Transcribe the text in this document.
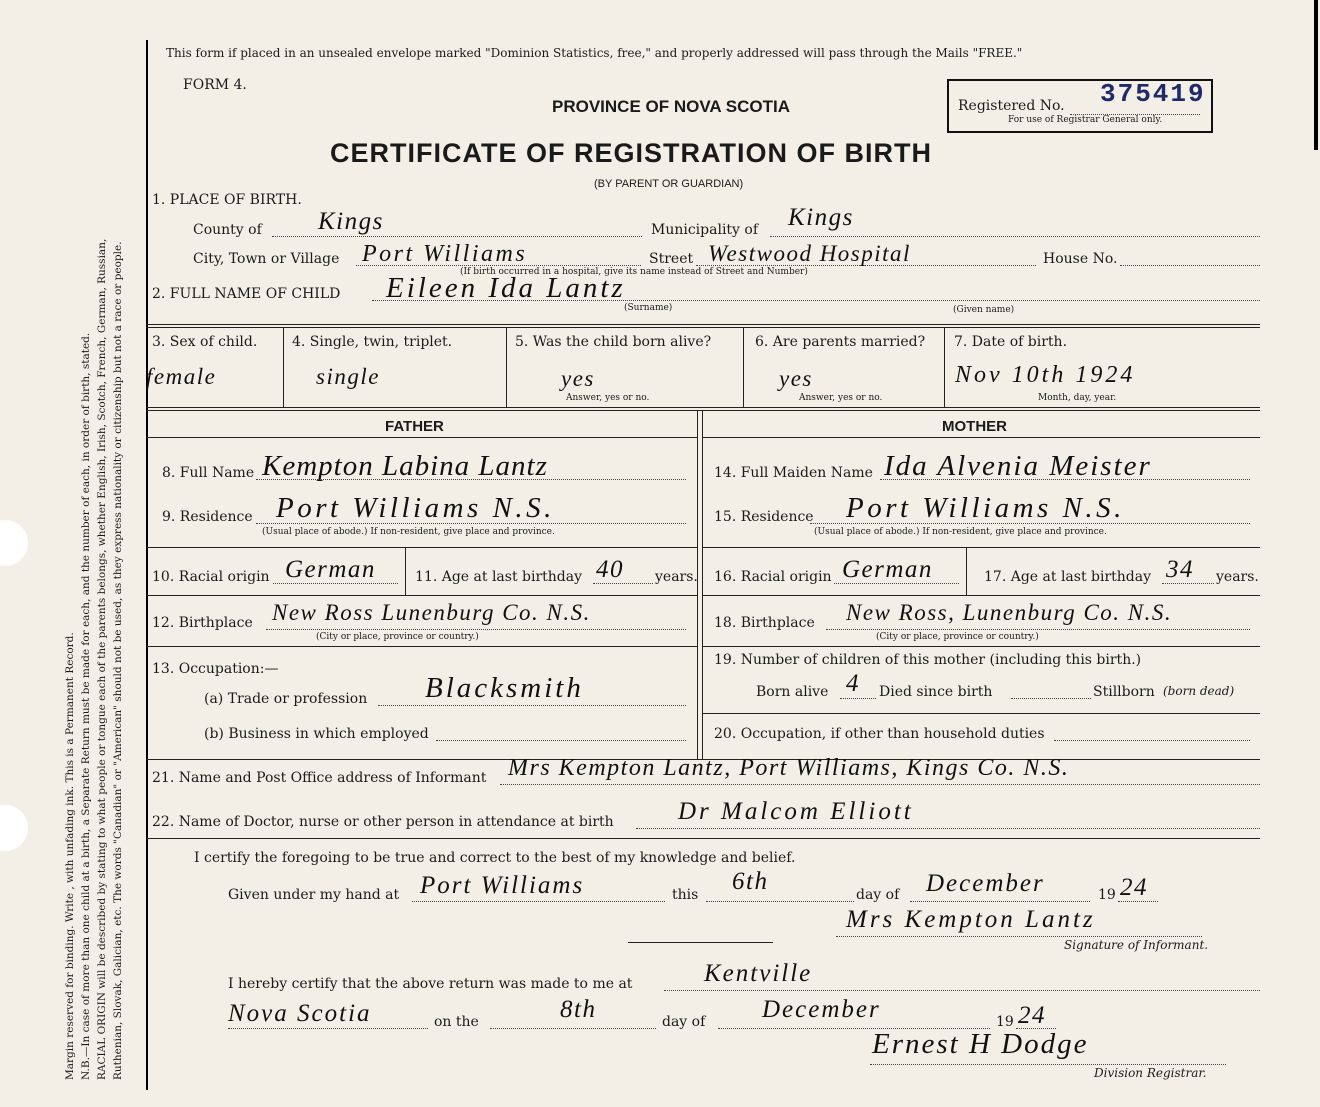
Margin reserved for binding. Write , with unfading ink. This is a Permanent Record. N.B.—In case of more than one child at a birth, a Separate Return must be made for each, and the number of each, in order of birth, stated. RACIAL ORIGIN will be described by stating to what people or tongue each of the parents belongs, whether English, Irish, Scotch, French, German, Russian, Ruthenian, Slovak, Galician, etc. The words "Canadian" or "American" should not be used, as they express nationality or citizenship but not a race or people.
This form if placed in an unsealed envelope marked "Dominion Statistics, free," and properly addressed will pass through the Mails "FREE."
FORM 4.
PROVINCE OF NOVA SCOTIA
CERTIFICATE OF REGISTRATION OF BIRTH
(BY PARENT OR GUARDIAN)
Registered No. 375419
For use of Registrar General only.
1. PLACE OF BIRTH.
County of Kings	Municipality of Kings
City, Town or Village Port Williams	Street Westwood Hospital	House No.
(If birth occurred in a hospital, give its name instead of Street and Number)
2. FULL NAME OF CHILD Eileen Ida Lantz
(Surname)	(Given name)
3. Sex of child.
female
4. Single, twin, triplet.
single
5. Was the child born alive?
yes
Answer, yes or no.
6. Are parents married?
yes
Answer, yes or no.
7. Date of birth.
Nov 10th 1924
Month, day, year.
FATHER
8. Full Name Kempton Labina Lantz
9. Residence Port Williams N.S.
(Usual place of abode.) If non-resident, give place and province.
10. Racial origin German	11. Age at last birthday 40 years.
12. Birthplace New Ross Lunenburg Co. N.S.
(City or place, province or country.)
13. Occupation:—
(a) Trade or profession Blacksmith
(b) Business in which employed
MOTHER
14. Full Maiden Name Ida Alvenia Meister
15. Residence Port Williams N.S.
(Usual place of abode.) If non-resident, give place and province.
16. Racial origin German	17. Age at last birthday 34 years.
18. Birthplace New Ross, Lunenburg Co. N.S.
(City or place, province or country.)
19. Number of children of this mother (including this birth.)
Born alive 4 Died since birth	Stillborn (born dead)
20. Occupation, if other than household duties
21. Name and Post Office address of Informant Mrs Kempton Lantz, Port Williams, Kings Co. N.S.
22. Name of Doctor, nurse or other person in attendance at birth	Dr Malcom Elliott
I certify the foregoing to be true and correct to the best of my knowledge and belief.
Given under my hand at Port Williams	this 6th	day of December	19 24
Mrs Kempton Lantz
Signature of Informant.
I hereby certify that the above return was made to me at	Kentville
Nova Scotia	on the	8th	day of December	19 24
Ernest H Dodge
Division Registrar.
